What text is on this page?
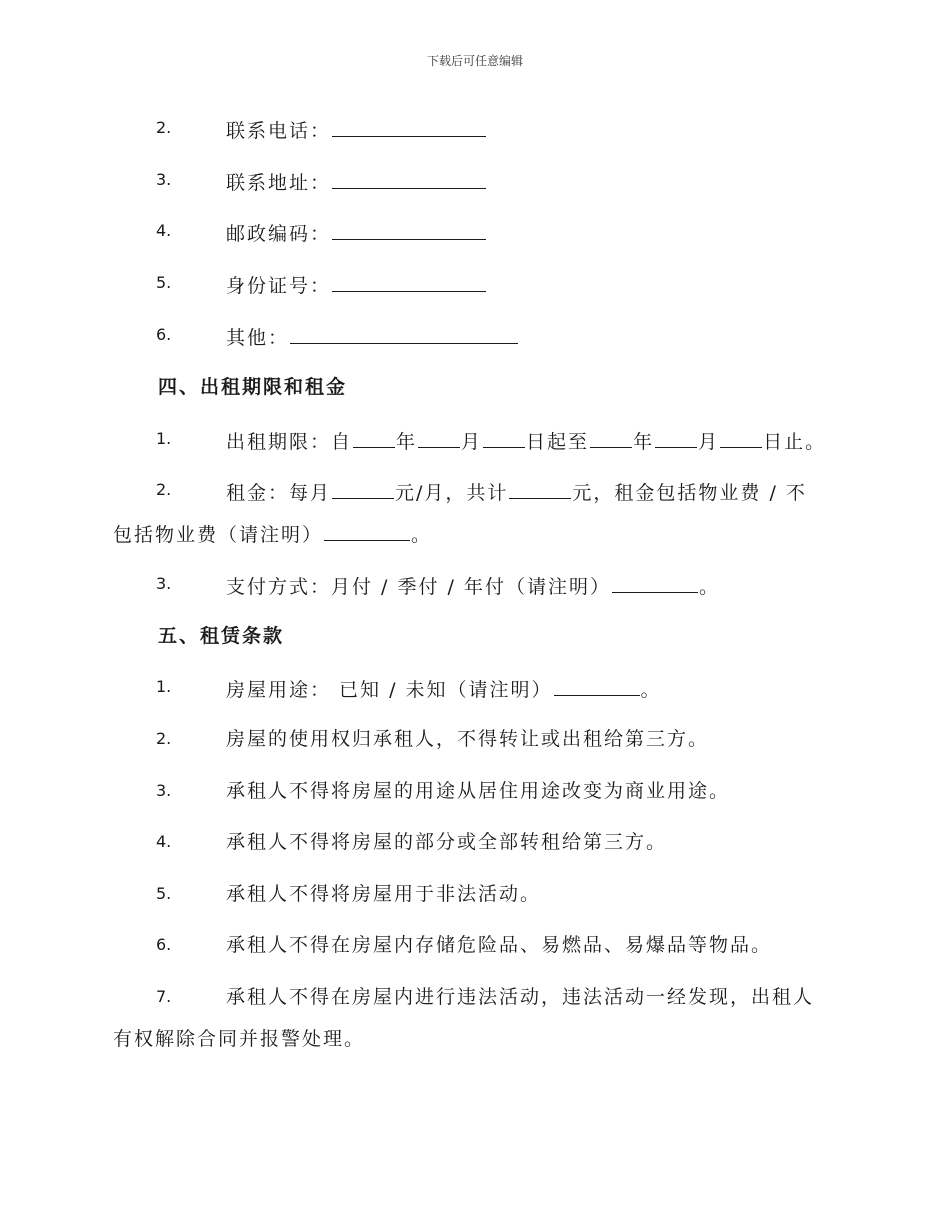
下载后可任意编辑
2.	联系电话：
3.	联系地址：
4.	邮政编码：
5.	身份证号：
6.	其他：
四、出租期限和租金
1.	出租期限：自 年 月 日起至 年 月 日止。
2.	租金：每月	元/月，共计	元，租金包括物业费 / 不
包括物业费（请注明）	。
3.	支付方式：月付 / 季付 / 年付（请注明）	。
五、租赁条款
1.	房屋用途： 已知 / 未知（请注明）	。
2.	房屋的使用权归承租人，不得转让或出租给第三方。
3.	承租人不得将房屋的用途从居住用途改变为商业用途。
4.	承租人不得将房屋的部分或全部转租给第三方。
5.	承租人不得将房屋用于非法活动。
6.	承租人不得在房屋内存储危险品、易燃品、易爆品等物品。
7.	承租人不得在房屋内进行违法活动，违法活动一经发现，出租人
有权解除合同并报警处理。
